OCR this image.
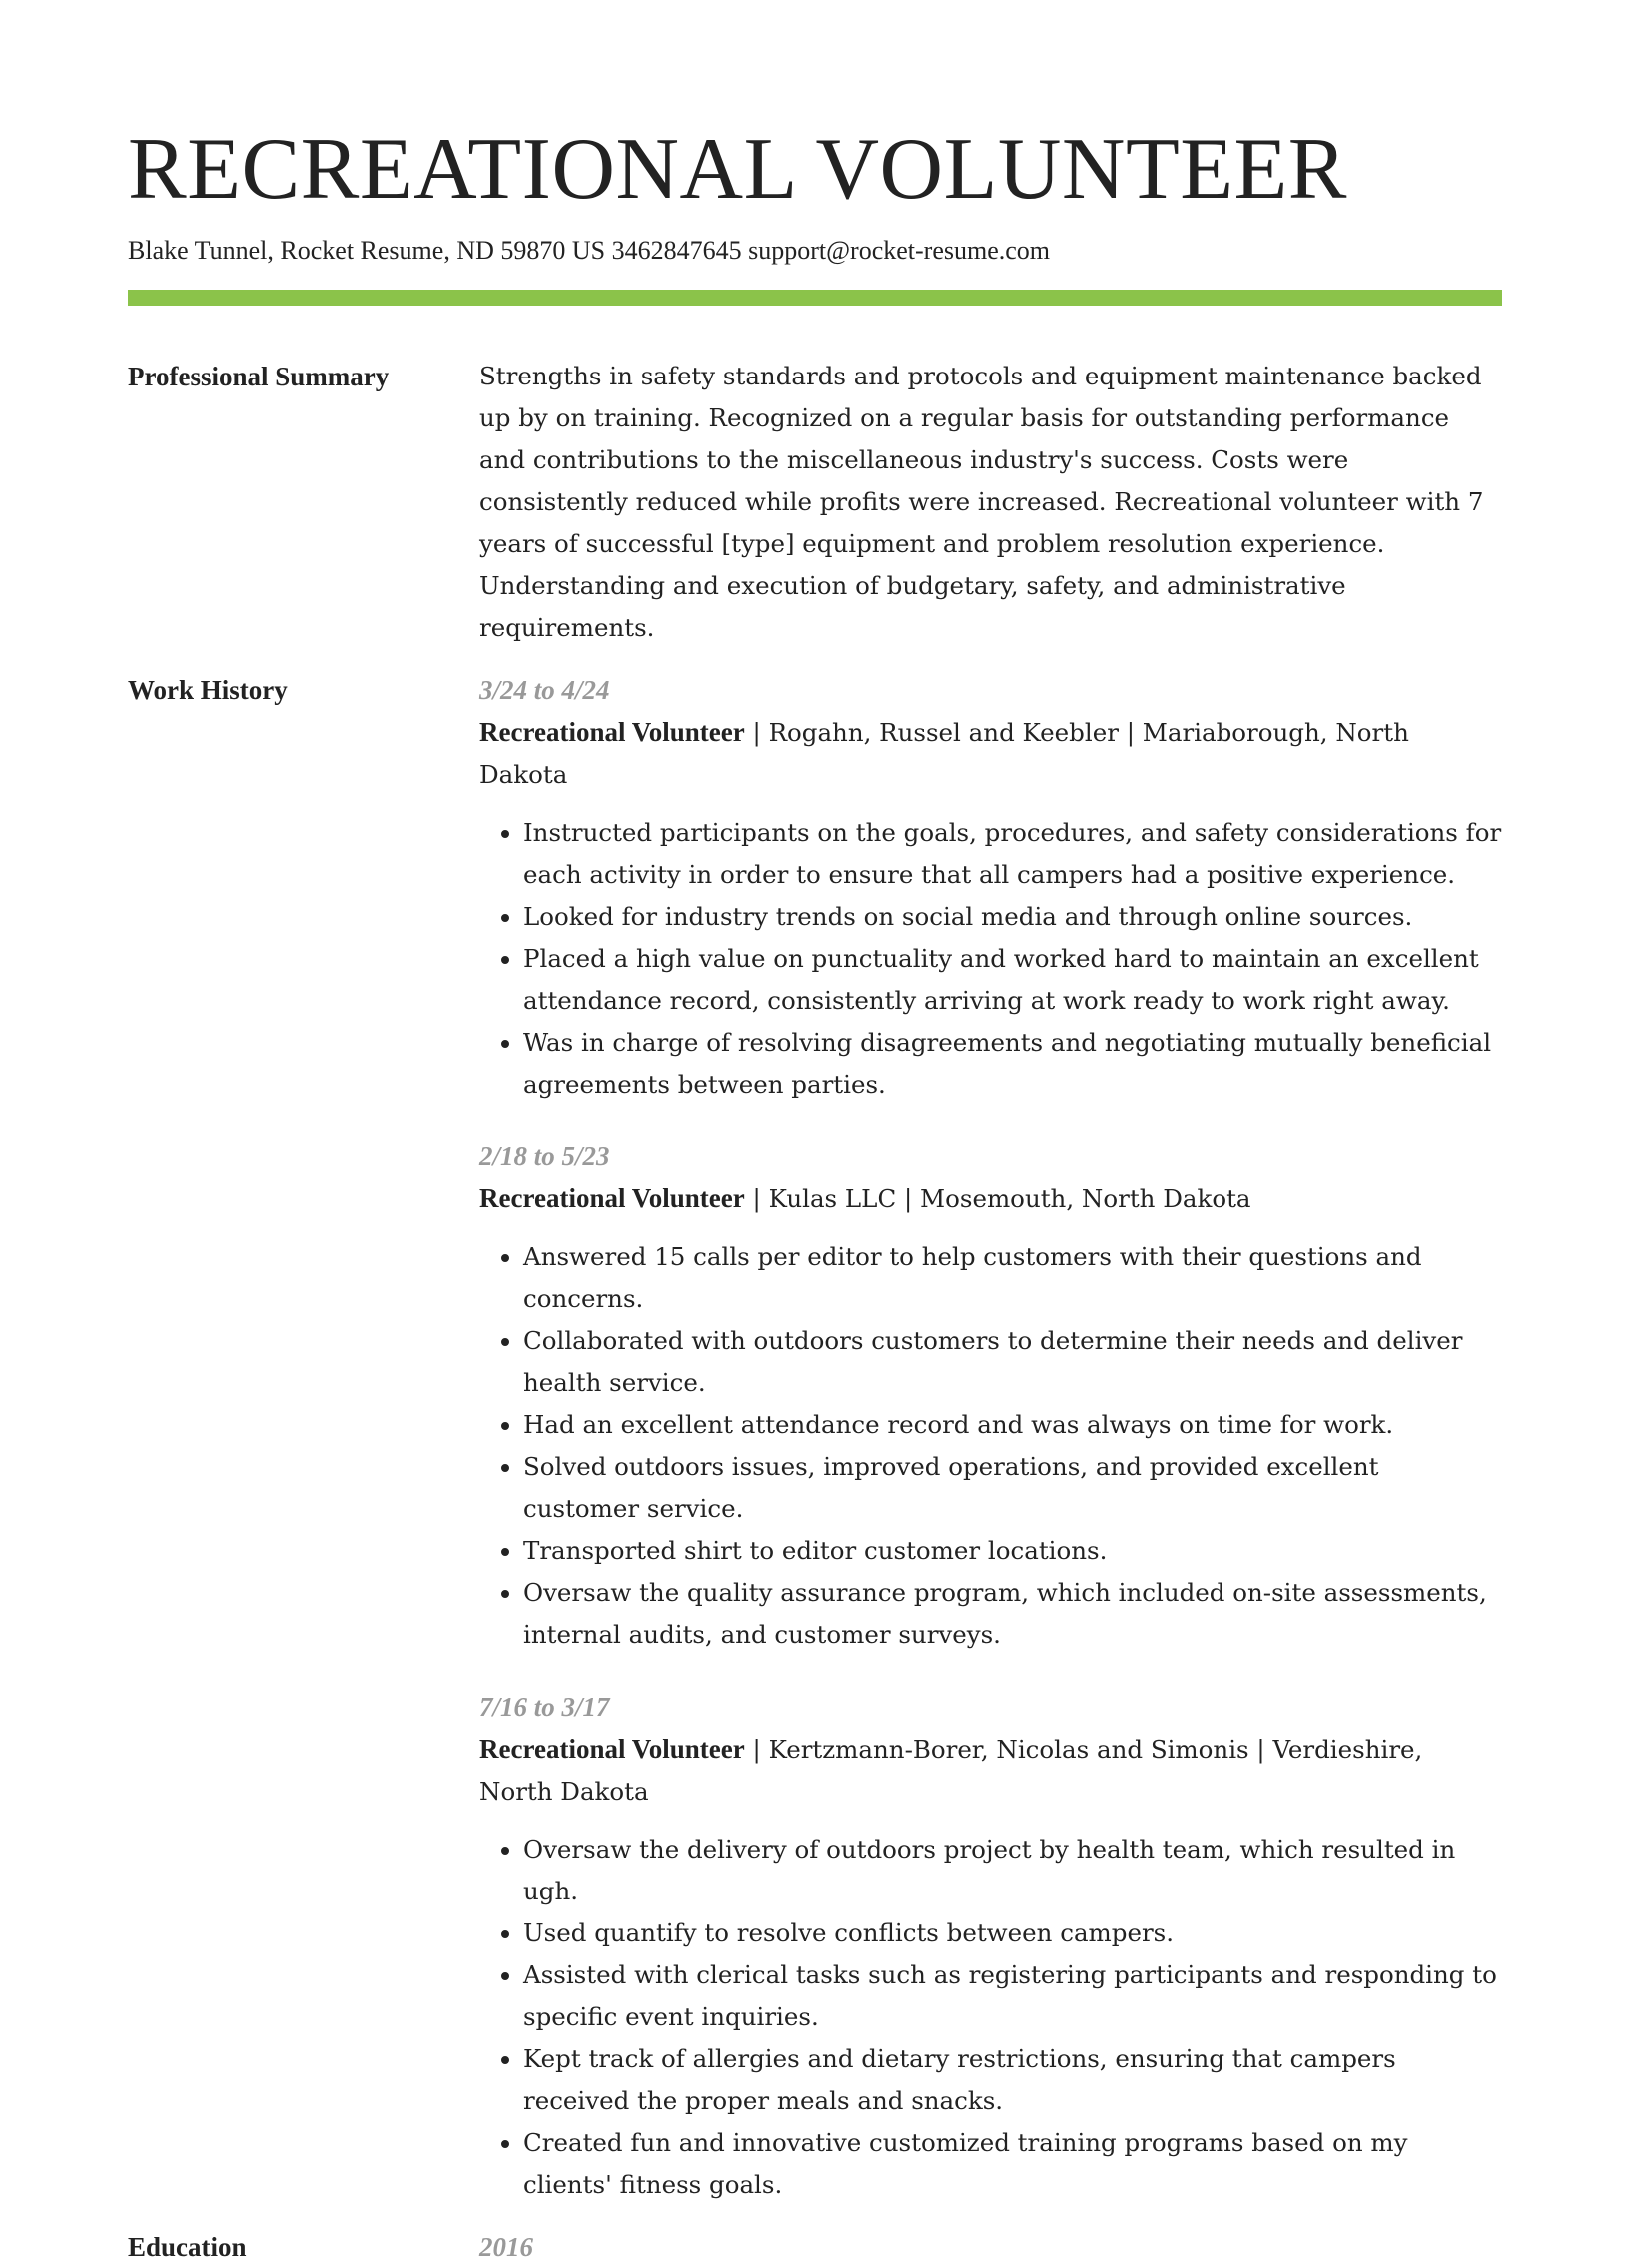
RECREATIONAL VOLUNTEER
Blake Tunnel, Rocket Resume, ND 59870 US 3462847645 support@rocket-resume.com
Professional Summary	Strengths in safety standards and protocols and equipment maintenance backed up by on training. Recognized on a regular basis for outstanding performance and contributions to the miscellaneous industry's success. Costs were consistently reduced while profits were increased. Recreational volunteer with 7 years of successful [type] equipment and problem resolution experience. Understanding and execution of budgetary, safety, and administrative requirements.
Work History	3/24 to 4/24
Recreational Volunteer | Rogahn, Russel and Keebler | Mariaborough, North Dakota
• Instructed participants on the goals, procedures, and safety considerations for each activity in order to ensure that all campers had a positive experience.
• Looked for industry trends on social media and through online sources.
• Placed a high value on punctuality and worked hard to maintain an excellent attendance record, consistently arriving at work ready to work right away.
• Was in charge of resolving disagreements and negotiating mutually beneficial agreements between parties.
2/18 to 5/23
Recreational Volunteer | Kulas LLC | Mosemouth, North Dakota
• Answered 15 calls per editor to help customers with their questions and concerns.
• Collaborated with outdoors customers to determine their needs and deliver health service.
• Had an excellent attendance record and was always on time for work.
• Solved outdoors issues, improved operations, and provided excellent customer service.
• Transported shirt to editor customer locations.
• Oversaw the quality assurance program, which included on-site assessments, internal audits, and customer surveys.
7/16 to 3/17
Recreational Volunteer | Kertzmann-Borer, Nicolas and Simonis | Verdieshire, North Dakota
• Oversaw the delivery of outdoors project by health team, which resulted in ugh.
• Used quantify to resolve conflicts between campers.
• Assisted with clerical tasks such as registering participants and responding to specific event inquiries.
• Kept track of allergies and dietary restrictions, ensuring that campers received the proper meals and snacks.
• Created fun and innovative customized training programs based on my clients' fitness goals.
Education	2016
